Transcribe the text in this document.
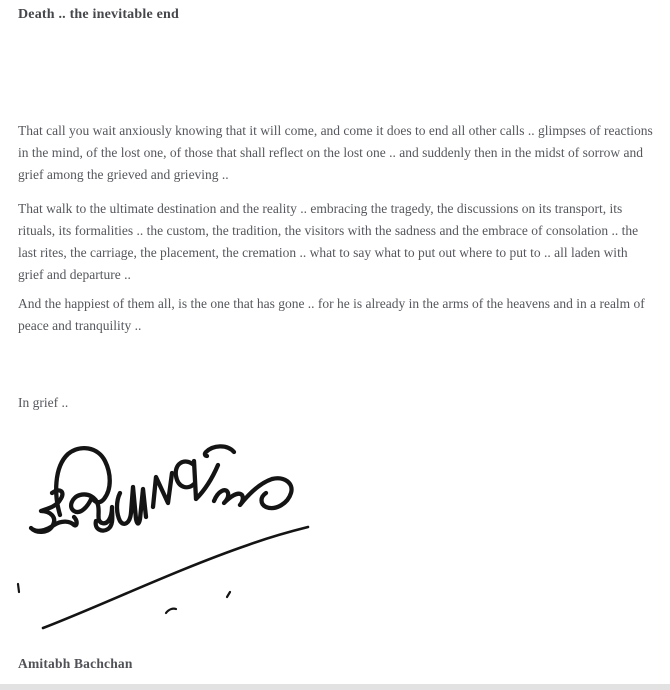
Death .. the inevitable end

That call you wait anxiously knowing that it will come, and come it does to end all other calls .. glimpses of reactions in the mind, of the lost one, of those that shall reflect on the lost one .. and suddenly then in the midst of sorrow and grief among the grieved and grieving ..

That walk to the ultimate destination and the reality .. embracing the tragedy, the discussions on its transport, its rituals, its formalities .. the custom, the tradition, the visitors with the sadness and the embrace of consolation .. the last rites, the carriage, the placement, the cremation .. what to say what to put out where to put to .. all laden with grief and departure ..

And the happiest of them all, is the one that has gone .. for he is already in the arms of the heavens and in a realm of peace and tranquility ..

In grief ..
Amitabh Bachchan
